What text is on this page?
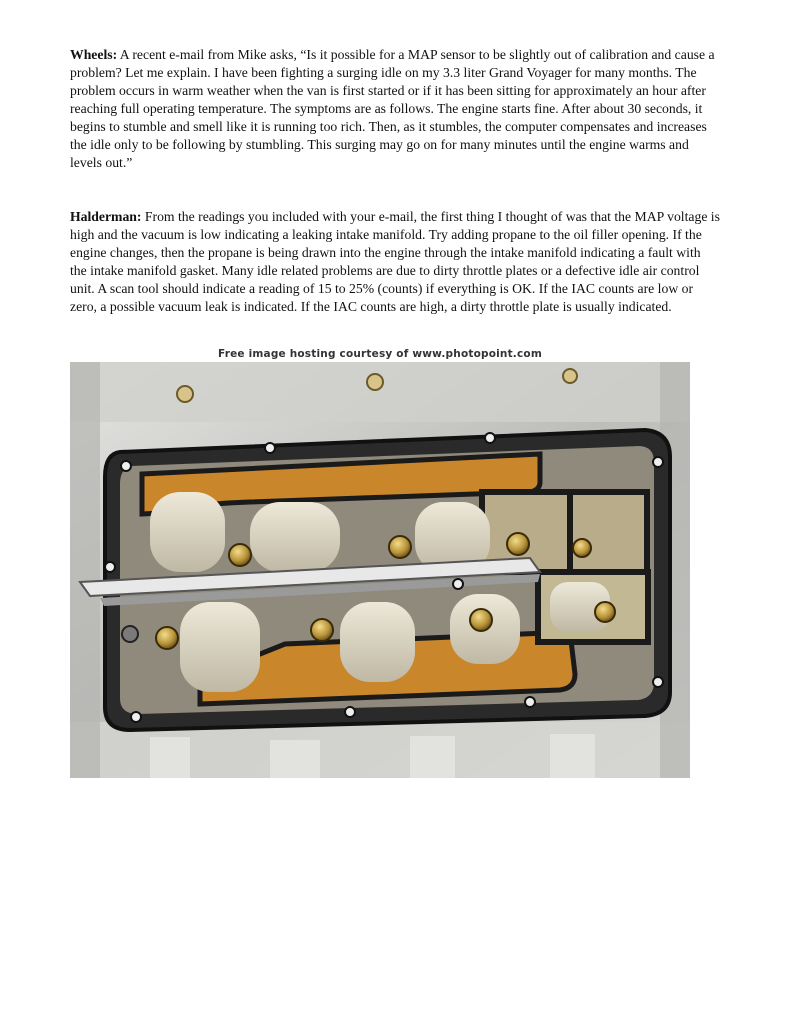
Wheels: A recent e-mail from Mike asks, “Is it possible for a MAP sensor to be slightly out of calibration and cause a problem? Let me explain. I have been fighting a surging idle on my 3.3 liter Grand Voyager for many months. The problem occurs in warm weather when the van is first started or if it has been sitting for approximately an hour after reaching full operating temperature. The symptoms are as follows. The engine starts fine. After about 30 seconds, it begins to stumble and smell like it is running too rich. Then, as it stumbles, the computer compensates and increases the idle only to be following by stumbling. This surging may go on for many minutes until the engine warms and levels out.”
Halderman: From the readings you included with your e-mail, the first thing I thought of was that the MAP voltage is high and the vacuum is low indicating a leaking intake manifold. Try adding propane to the oil filler opening. If the engine changes, then the propane is being drawn into the engine through the intake manifold indicating a fault with the intake manifold gasket. Many idle related problems are due to dirty throttle plates or a defective idle air control unit. A scan tool should indicate a reading of 15 to 25% (counts) if everything is OK. If the IAC counts are low or zero, a possible vacuum leak is indicated. If the IAC counts are high, a dirty throttle plate is usually indicated.
Free image hosting courtesy of www.photopoint.com
